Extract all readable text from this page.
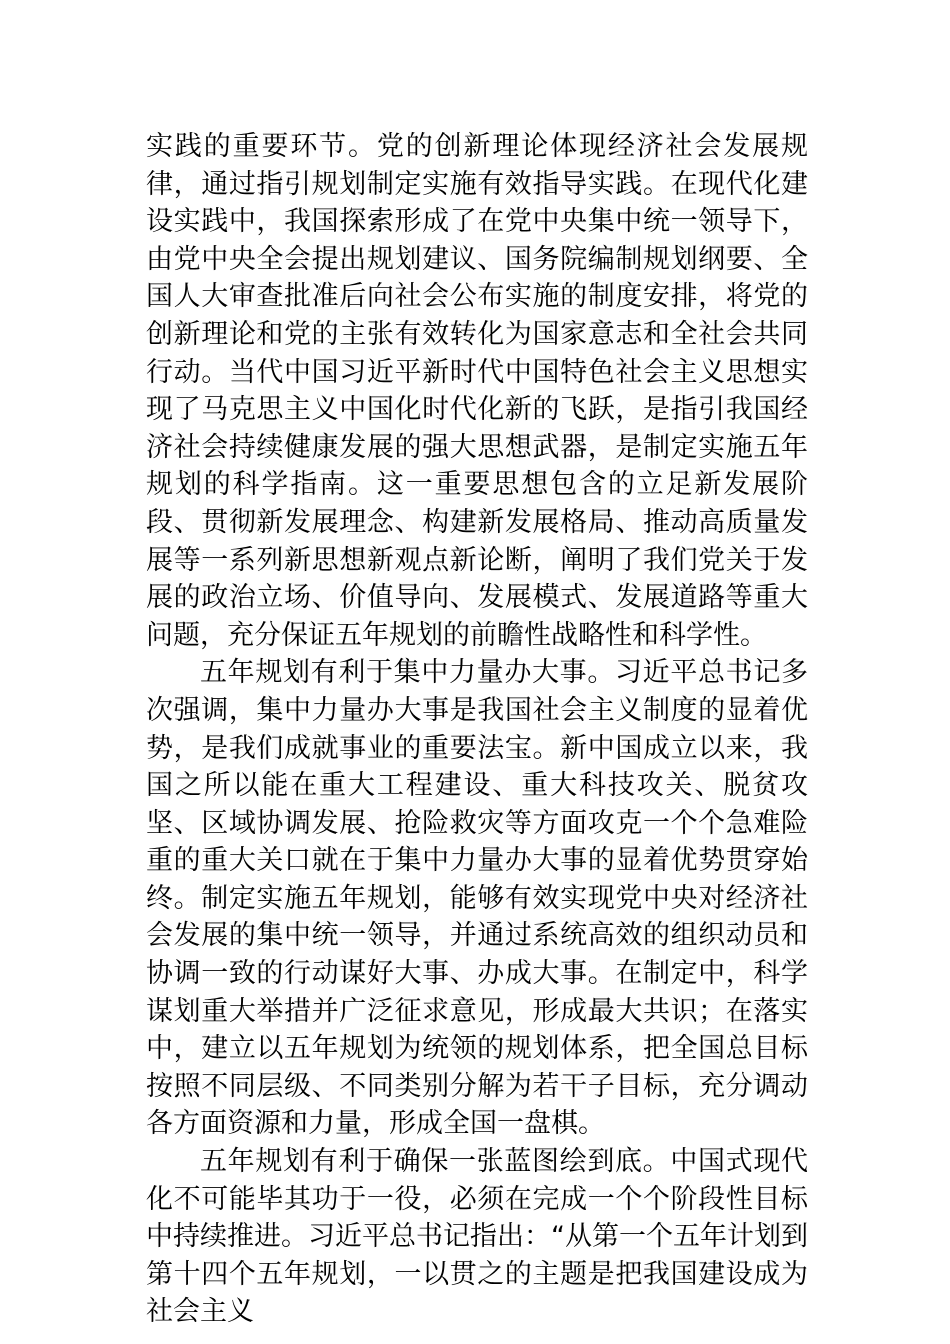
实践的重要环节。党的创新理论体现经济社会发展规律，通过指引规划制定实施有效指导实践。在现代化建设实践中，我国探索形成了在党中央集中统一领导下，由党中央全会提出规划建议、国务院编制规划纲要、全国人大审查批准后向社会公布实施的制度安排，将党的创新理论和党的主张有效转化为国家意志和全社会共同行动。当代中国习近平新时代中国特色社会主义思想实现了马克思主义中国化时代化新的飞跃，是指引我国经济社会持续健康发展的强大思想武器，是制定实施五年规划的科学指南。这一重要思想包含的立足新发展阶段、贯彻新发展理念、构建新发展格局、推动高质量发展等一系列新思想新观点新论断，阐明了我们党关于发展的政治立场、价值导向、发展模式、发展道路等重大问题，充分保证五年规划的前瞻性战略性和科学性。

五年规划有利于集中力量办大事。习近平总书记多次强调，集中力量办大事是我国社会主义制度的显着优势，是我们成就事业的重要法宝。新中国成立以来，我国之所以能在重大工程建设、重大科技攻关、脱贫攻坚、区域协调发展、抢险救灾等方面攻克一个个急难险重的重大关口就在于集中力量办大事的显着优势贯穿始终。制定实施五年规划，能够有效实现党中央对经济社会发展的集中统一领导，并通过系统高效的组织动员和协调一致的行动谋好大事、办成大事。在制定中，科学谋划重大举措并广泛征求意见，形成最大共识；在落实中，建立以五年规划为统领的规划体系，把全国总目标按照不同层级、不同类别分解为若干子目标，充分调动各方面资源和力量，形成全国一盘棋。

五年规划有利于确保一张蓝图绘到底。中国式现代化不可能毕其功于一役，必须在完成一个个阶段性目标中持续推进。习近平总书记指出：“从第一个五年计划到第十四个五年规划，一以贯之的主题是把我国建设成为社会主义
